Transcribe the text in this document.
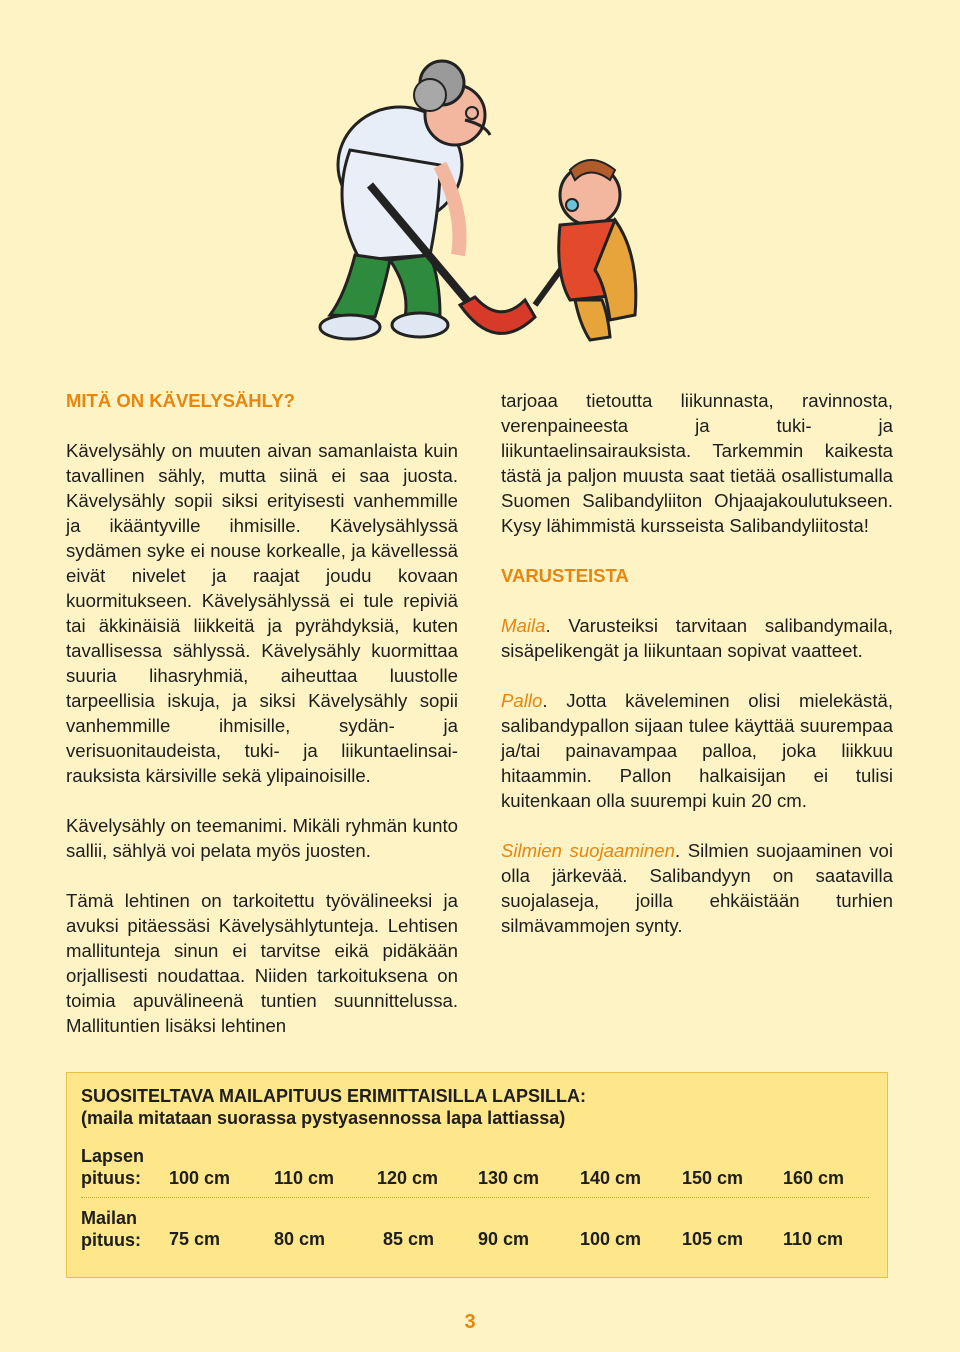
MITÄ ON KÄVELYSÄHLY?

Kävelysähly on muuten aivan samanlaista kuin tavallinen sähly, mutta siinä ei saa juosta. Kävelysähly sopii siksi erityisesti vanhemmille ja ikääntyville ihmisille. Kävelysählyssä sydämen syke ei nouse korkealle, ja kävellessä eivät nivelet ja raajat joudu kovaan kuormitukseen. Kävelysählyssä ei tule repiviä tai äkkinäisiä liikkeitä ja pyrähdyksiä, kuten tavallisessa sählyssä. Kävelysähly kuormittaa suuria lihasryhmiä, aiheuttaa luustolle tarpeellisia iskuja, ja siksi Kävelysähly sopii vanhemmille ihmisille, sydän- ja verisuonitaudeista, tuki- ja liikuntaelinsai-rauksista kärsiville sekä ylipainoisille.

Kävelysähly on teemanimi. Mikäli ryhmän kunto sallii, sählyä voi pelata myös juosten.

Tämä lehtinen on tarkoitettu työvälineeksi ja avuksi pitäessäsi Kävelysählytunteja. Lehtisen mallitunteja sinun ei tarvitse eikä pidäkään orjallisesti noudattaa. Niiden tarkoituksena on toimia apuvälineenä tuntien suunnittelussa. Mallituntien lisäksi lehtinen

tarjoaa tietoutta liikunnasta, ravinnosta, verenpaineesta ja tuki- ja liikuntaelinsairauksista. Tarkemmin kaikesta tästä ja paljon muusta saat tietää osallistumalla Suomen Salibandyliiton Ohjaajakoulutukseen. Kysy lähimmistä kursseista Salibandyliitosta!

VARUSTEISTA

Maila. Varusteiksi tarvitaan salibandymaila, sisäpelikengät ja liikuntaan sopivat vaatteet.

Pallo. Jotta käveleminen olisi mielekästä, salibandypallon sijaan tulee käyttää suurempaa ja/tai painavampaa palloa, joka liikkuu hitaammin. Pallon halkaisijan ei tulisi kuitenkaan olla suurempi kuin 20 cm.

Silmien suojaaminen. Silmien suojaaminen voi olla järkevää. Salibandyyn on saatavilla suojalaseja, joilla ehkäistään turhien silmävammojen synty.

SUOSITELTAVA MAILAPITUUS ERIMITTAISILLA LAPSILLA:
(maila mitataan suorassa pystyasennossa lapa lattiassa)
Lapsen
pituus: 100 cm 110 cm 120 cm 130 cm 140 cm 150 cm 160 cm
Mailan
pituus: 75 cm	80 cm	85 cm 90 cm	100 cm 105 cm 110 cm
3
